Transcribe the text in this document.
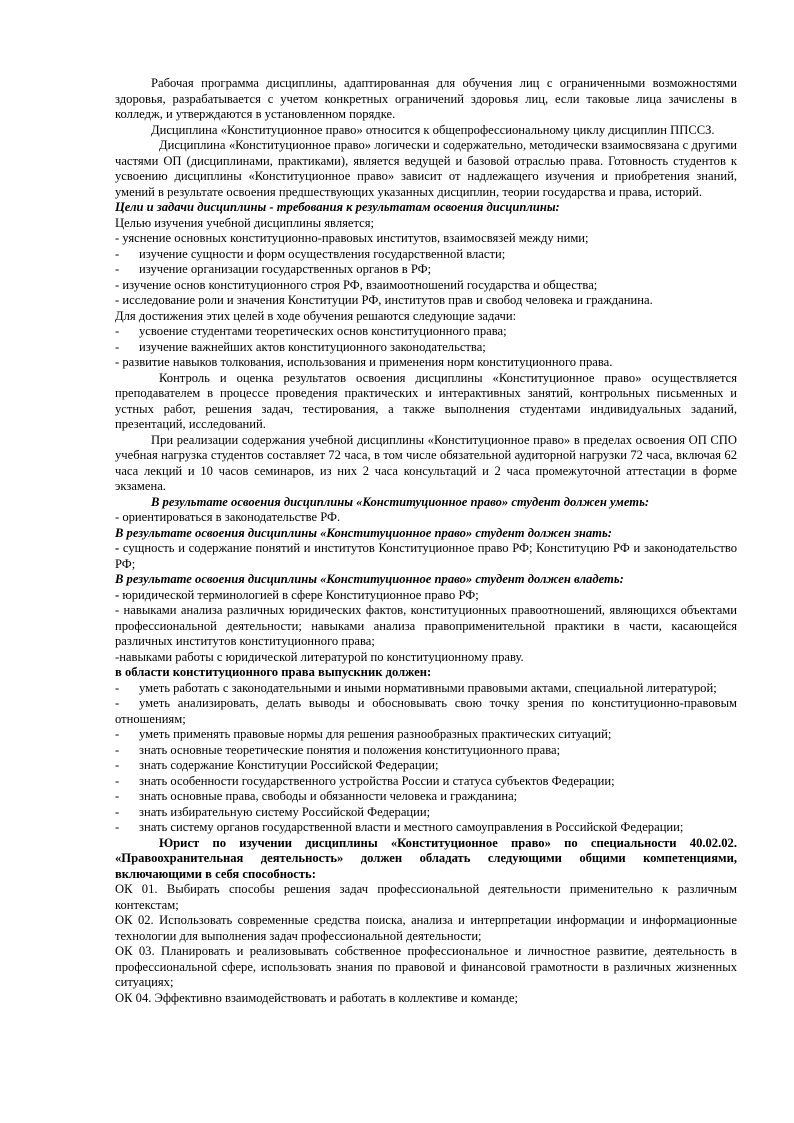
Рабочая программа дисциплины, адаптированная для обучения лиц с ограниченными возможностями здоровья, разрабатывается с учетом конкретных ограничений здоровья лиц, если таковые лица зачислены в колледж, и утверждаются в установленном порядке.

Дисциплина «Конституционное право» относится к общепрофессиональному циклу дисциплин ППССЗ.

Дисциплина «Конституционное право» логически и содержательно, методически взаимосвязана с другими частями ОП (дисциплинами, практиками), является ведущей и базовой отраслью права. Готовность студентов к усвоению дисциплины «Конституционное право» зависит от надлежащего изучения и приобретения знаний, умений в результате освоения предшествующих указанных дисциплин, теории государства и права, историй.

Цели и задачи дисциплины - требования к результатам освоения дисциплины:

Целью изучения учебной дисциплины является;

- уяснение основных конституционно-правовых институтов, взаимосвязей между ними;

-	изучение сущности и форм осуществления государственной власти;
-	изучение организации государственных органов в РФ;

- изучение основ конституционного строя РФ, взаимоотношений государства и общества;

- исследование роли и значения Конституции РФ, институтов прав и свобод человека и гражданина.

Для достижения этих целей в ходе обучения решаются следующие задачи:

-	усвоение студентами теоретических основ конституционного права;
-	изучение важнейших актов конституционного законодательства;

- развитие навыков толкования, использования и применения норм конституционного права.

Контроль и оценка результатов освоения дисциплины «Конституционное право» осуществляется преподавателем в процессе проведения практических и интерактивных занятий, контрольных письменных и устных работ, решения задач, тестирования, а также выполнения студентами индивидуальных заданий, презентаций, исследований.

При реализации содержания учебной дисциплины «Конституционное право» в пределах освоения ОП СПО учебная нагрузка студентов составляет 72 часа, в том числе обязательной аудиторной нагрузки 72 часа, включая 62 часа лекций и 10 часов семинаров, из них 2 часа консультаций и 2 часа промежуточной аттестации в форме экзамена.

В результате освоения дисциплины «Конституционное право» студент должен уметь:

- ориентироваться в законодательстве РФ.

В результате освоения дисциплины «Конституционное право» студент должен знать:

- сущность и содержание понятий и институтов Конституционное право РФ; Конституцию РФ и законодательство РФ;

В результате освоения дисциплины «Конституционное право» студент должен владеть:

- юридической терминологией в сфере Конституционное право РФ;

- навыками анализа различных юридических фактов, конституционных правоотношений, являющихся объектами профессиональной деятельности; навыками анализа правоприменительной практики в части, касающейся различных институтов конституционного права;

-навыками работы с юридической литературой по конституционному праву.

в области конституционного права выпускник должен:

- уметь работать с законодательными и иными нормативными правовыми актами, специальной литературой;

- уметь анализировать, делать выводы и обосновывать свою точку зрения по конституционно-правовым отношениям;

-	уметь применять правовые нормы для решения разнообразных практических ситуаций;
-	знать основные теоретические понятия и положения конституционного права;
-	знать содержание Конституции Российской Федерации;
-	знать особенности государственного устройства России и статуса субъектов Федерации;
-	знать основные права, свободы и обязанности человека и гражданина;
-	знать избирательную систему Российской Федерации;
-	знать систему органов государственной власти и местного самоуправления в Российской Федерации;

Юрист по изучении дисциплины «Конституционное право» по специальности 40.02.02. «Правоохранительная деятельность» должен обладать следующими общими компетенциями, включающими в себя способность:

ОК 01. Выбирать способы решения задач профессиональной деятельности применительно к различным контекстам;

ОК 02. Использовать современные средства поиска, анализа и интерпретации информации и информационные технологии для выполнения задач профессиональной деятельности;

ОК 03. Планировать и реализовывать собственное профессиональное и личностное развитие, деятельность в профессиональной сфере, использовать знания по правовой и финансовой грамотности в различных жизненных ситуациях;

ОК 04. Эффективно взаимодействовать и работать в коллективе и команде;
